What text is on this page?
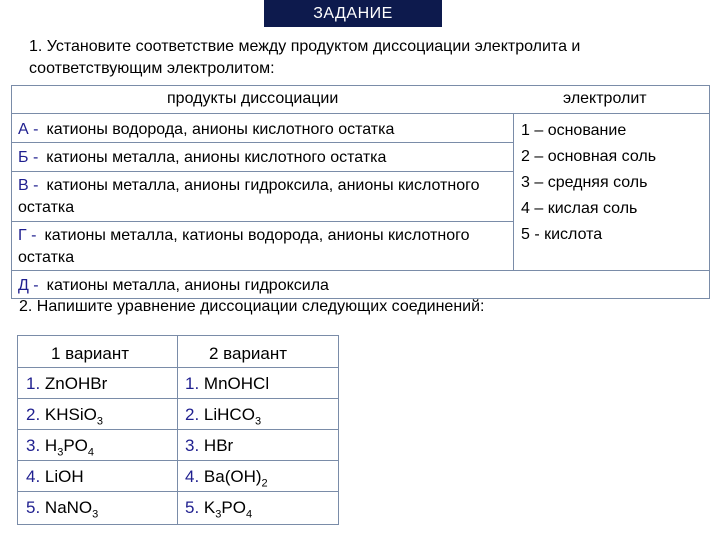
ЗАДАНИЕ
1. Установите соответствие между продуктом диссоциации электролита и соответствующим электролитом:
продукты диссоциации	электролит
А - катионы водорода, анионы кислотного остатка
Б - катионы металла, анионы кислотного остатка
В - катионы металла, анионы гидроксила, анионы кислотного остатка
Г - катионы металла, катионы водорода, анионы кислотного остатка
Д - катионы металла, анионы гидроксила
1 – основание
2 – основная соль
3 – средняя соль
4 – кислая соль
5 - кислота
2. Напишите уравнение диссоциации следующих соединений:
1 вариант	2 вариант
1. ZnOHBr	1. MnOHCl
2. KHSiO$_3$	2. LiHCO$_3$
3. $H_3PO_4$	3. HBr
4. LiOH	4. $Ba(OH)_2$
5. NaNO$_3$	5. $K_3PO_4$
